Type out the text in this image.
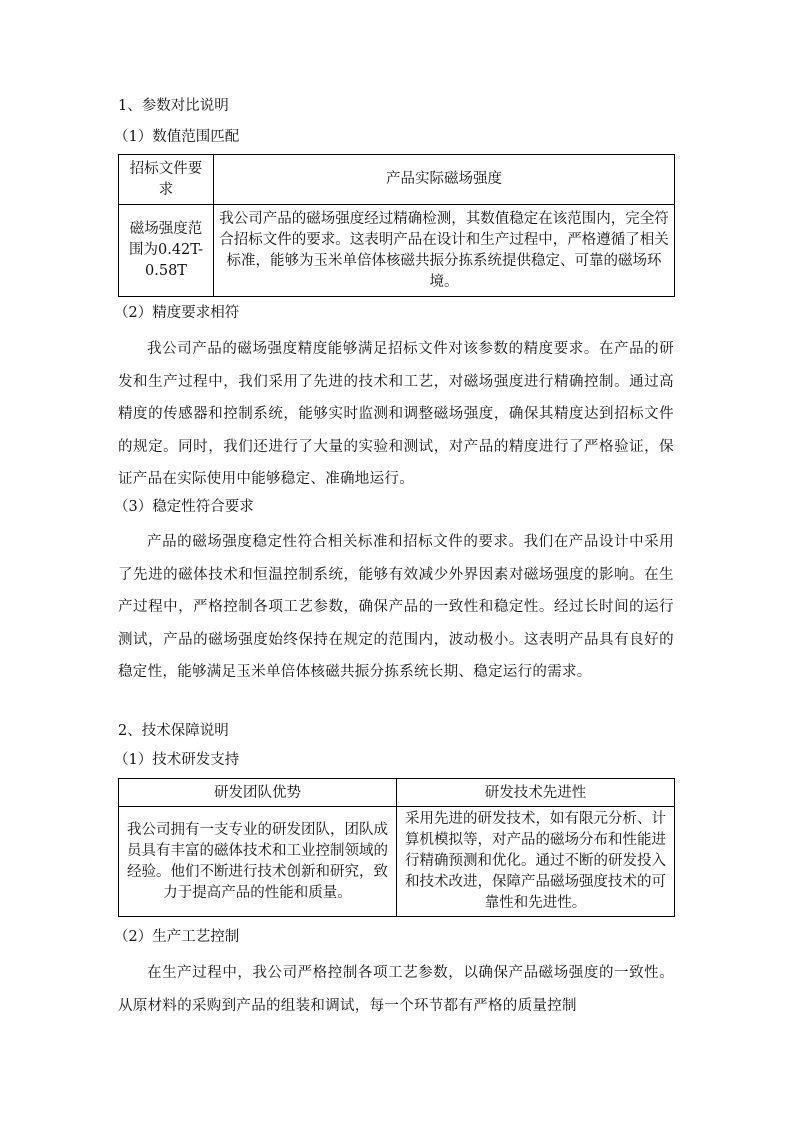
1、参数对比说明
（1）数值范围匹配
招标文件要求	产品实际磁场强度
磁场强度范围为0.42T-0.58T	我公司产品的磁场强度经过精确检测，其数值稳定在该范围内，完全符合招标文件的要求。这表明产品在设计和生产过程中，严格遵循了相关标准，能够为玉米单倍体核磁共振分拣系统提供稳定、可靠的磁场环境。
（2）精度要求相符
我公司产品的磁场强度精度能够满足招标文件对该参数的精度要求。在产品的研发和生产过程中，我们采用了先进的技术和工艺，对磁场强度进行精确控制。通过高精度的传感器和控制系统，能够实时监测和调整磁场强度，确保其精度达到招标文件的规定。同时，我们还进行了大量的实验和测试，对产品的精度进行了严格验证，保证产品在实际使用中能够稳定、准确地运行。
（3）稳定性符合要求
产品的磁场强度稳定性符合相关标准和招标文件的要求。我们在产品设计中采用了先进的磁体技术和恒温控制系统，能够有效减少外界因素对磁场强度的影响。在生产过程中，严格控制各项工艺参数，确保产品的一致性和稳定性。经过长时间的运行测试，产品的磁场强度始终保持在规定的范围内，波动极小。这表明产品具有良好的稳定性，能够满足玉米单倍体核磁共振分拣系统长期、稳定运行的需求。
2、技术保障说明
（1）技术研发支持
研发团队优势	研发技术先进性
我公司拥有一支专业的研发团队，团队成员具有丰富的磁体技术和工业控制领域的经验。他们不断进行技术创新和研究，致力于提高产品的性能和质量。	采用先进的研发技术，如有限元分析、计算机模拟等，对产品的磁场分布和性能进行精确预测和优化。通过不断的研发投入和技术改进，保障产品磁场强度技术的可靠性和先进性。
（2）生产工艺控制
在生产过程中，我公司严格控制各项工艺参数，以确保产品磁场强度的一致性。从原材料的采购到产品的组装和调试，每一个环节都有严格的质量控制
